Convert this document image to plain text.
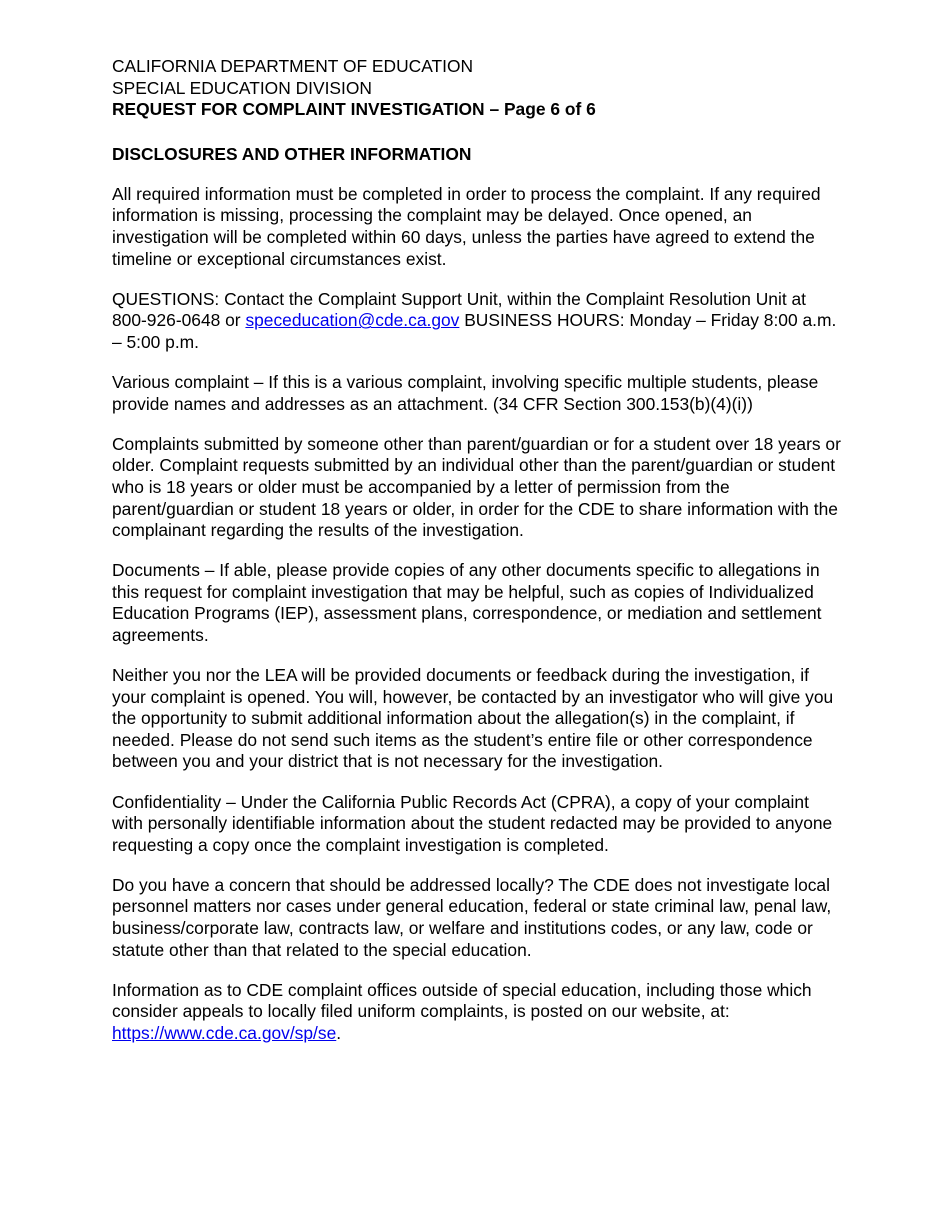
CALIFORNIA DEPARTMENT OF EDUCATION
SPECIAL EDUCATION DIVISION
REQUEST FOR COMPLAINT INVESTIGATION – Page 6 of 6
DISCLOSURES AND OTHER INFORMATION

All required information must be completed in order to process the complaint. If any required information is missing, processing the complaint may be delayed. Once opened, an investigation will be completed within 60 days, unless the parties have agreed to extend the timeline or exceptional circumstances exist.

QUESTIONS: Contact the Complaint Support Unit, within the Complaint Resolution Unit at 800-926-0648 or speceducation@cde.ca.gov BUSINESS HOURS: Monday – Friday 8:00 a.m. – 5:00 p.m.

Various complaint – If this is a various complaint, involving specific multiple students, please provide names and addresses as an attachment. (34 CFR Section 300.153(b)(4)(i))

Complaints submitted by someone other than parent/guardian or for a student over 18 years or older. Complaint requests submitted by an individual other than the parent/guardian or student who is 18 years or older must be accompanied by a letter of permission from the parent/guardian or student 18 years or older, in order for the CDE to share information with the complainant regarding the results of the investigation.

Documents – If able, please provide copies of any other documents specific to allegations in this request for complaint investigation that may be helpful, such as copies of Individualized Education Programs (IEP), assessment plans, correspondence, or mediation and settlement agreements.

Neither you nor the LEA will be provided documents or feedback during the investigation, if your complaint is opened. You will, however, be contacted by an investigator who will give you the opportunity to submit additional information about the allegation(s) in the complaint, if needed. Please do not send such items as the student’s entire file or other correspondence between you and your district that is not necessary for the investigation.

Confidentiality – Under the California Public Records Act (CPRA), a copy of your complaint with personally identifiable information about the student redacted may be provided to anyone requesting a copy once the complaint investigation is completed.

Do you have a concern that should be addressed locally? The CDE does not investigate local personnel matters nor cases under general education, federal or state criminal law, penal law, business/corporate law, contracts law, or welfare and institutions codes, or any law, code or statute other than that related to the special education.

Information as to CDE complaint offices outside of special education, including those which consider appeals to locally filed uniform complaints, is posted on our website, at: https://www.cde.ca.gov/sp/se.
